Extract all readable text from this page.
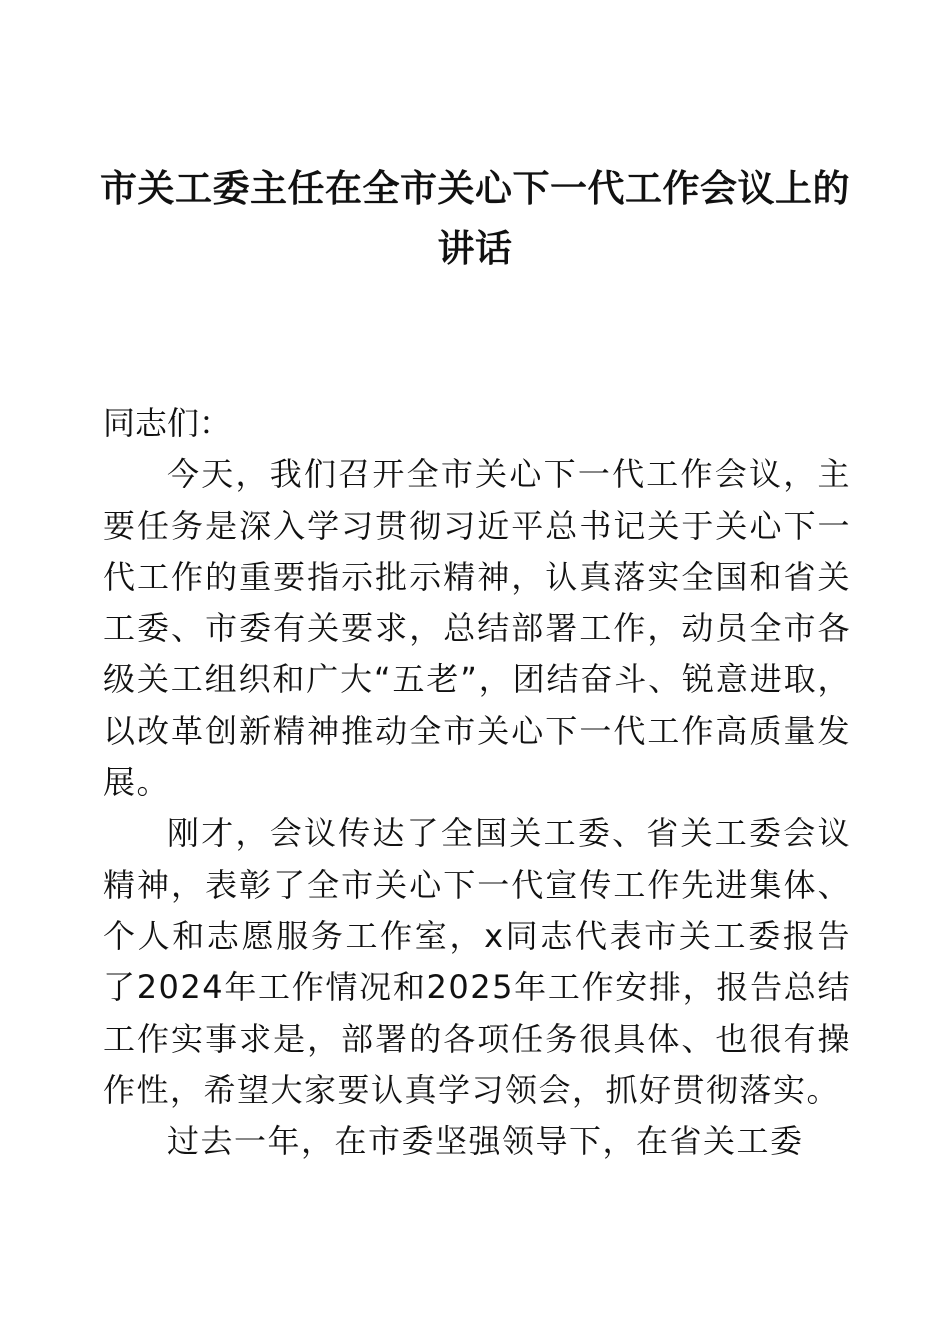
市关工委主任在全市关心下一代工作会议上的讲话

同志们：

今天，我们召开全市关心下一代工作会议，主要任务是深入学习贯彻习近平总书记关于关心下一代工作的重要指示批示精神，认真落实全国和省关工委、市委有关要求，总结部署工作，动员全市各级关工组织和广大“五老”，团结奋斗、锐意进取，以改革创新精神推动全市关心下一代工作高质量发展。

刚才，会议传达了全国关工委、省关工委会议精神，表彰了全市关心下一代宣传工作先进集体、个人和志愿服务工作室，x同志代表市关工委报告了2024年工作情况和2025年工作安排，报告总结工作实事求是，部署的各项任务很具体、也很有操作性，希望大家要认真学习领会，抓好贯彻落实。

过去一年，在市委坚强领导下，在省关工委
